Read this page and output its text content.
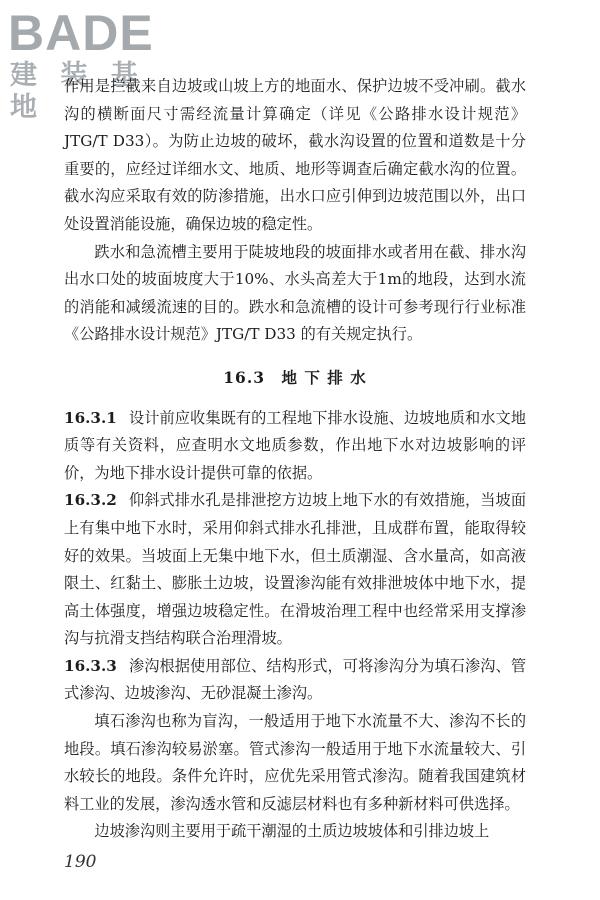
BADE

建 装 基 地

作用是拦截来自边坡或山坡上方的地面水、保护边坡不受冲刷。截水沟的横断面尺寸需经流量计算确定（详见《公路排水设计规范》JTG/T D33）。为防止边坡的破坏，截水沟设置的位置和道数是十分重要的，应经过详细水文、地质、地形等调查后确定截水沟的位置。截水沟应采取有效的防渗措施，出水口应引伸到边坡范围以外，出口处设置消能设施，确保边坡的稳定性。

跌水和急流槽主要用于陡坡地段的坡面排水或者用在截、排水沟出水口处的坡面坡度大于10%、水头高差大于1m的地段，达到水流的消能和减缓流速的目的。跌水和急流槽的设计可参考现行行业标准《公路排水设计规范》JTG/T D33 的有关规定执行。

16.3　地 下 排 水

16.3.1 设计前应收集既有的工程地下排水设施、边坡地质和水文地质等有关资料，应查明水文地质参数，作出地下水对边坡影响的评价，为地下排水设计提供可靠的依据。

16.3.2 仰斜式排水孔是排泄挖方边坡上地下水的有效措施，当坡面上有集中地下水时，采用仰斜式排水孔排泄，且成群布置，能取得较好的效果。当坡面上无集中地下水，但土质潮湿、含水量高，如高液限土、红黏土、膨胀土边坡，设置渗沟能有效排泄坡体中地下水，提高土体强度，增强边坡稳定性。在滑坡治理工程中也经常采用支撑渗沟与抗滑支挡结构联合治理滑坡。

16.3.3 渗沟根据使用部位、结构形式，可将渗沟分为填石渗沟、管式渗沟、边坡渗沟、无砂混凝土渗沟。

填石渗沟也称为盲沟，一般适用于地下水流量不大、渗沟不长的地段。填石渗沟较易淤塞。管式渗沟一般适用于地下水流量较大、引水较长的地段。条件允许时，应优先采用管式渗沟。随着我国建筑材料工业的发展，渗沟透水管和反滤层材料也有多种新材料可供选择。

边坡渗沟则主要用于疏干潮湿的土质边坡坡体和引排边坡上

190
